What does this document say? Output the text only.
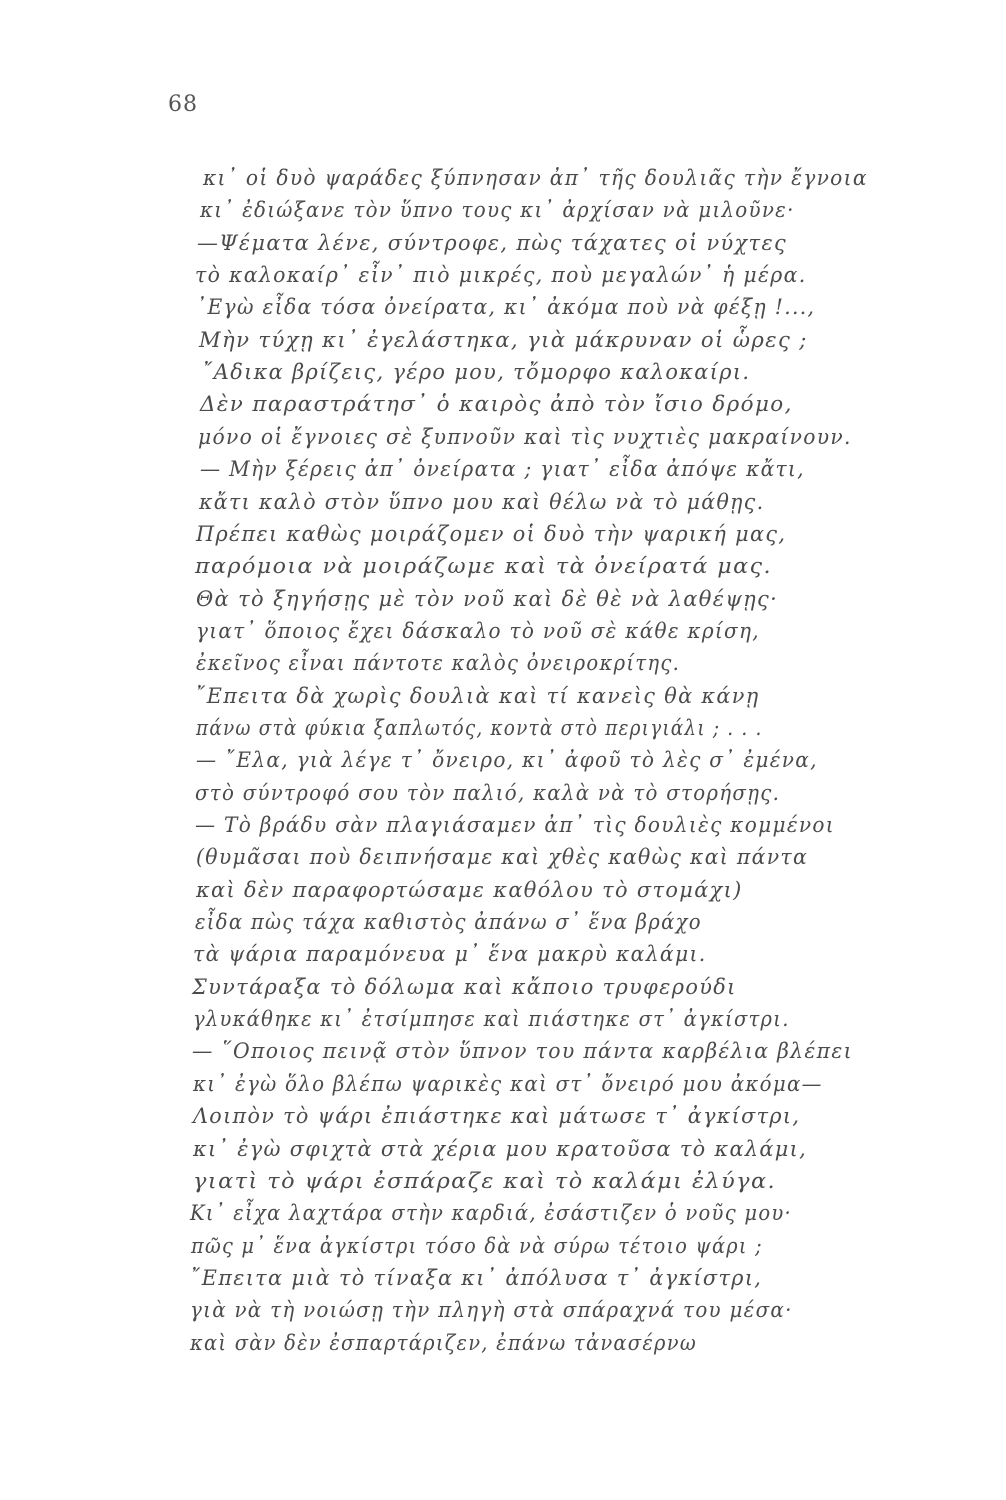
68
κι᾽ οἱ δυὸ ψαράδες ξύπνησαν ἀπ᾽ τῆς δουλιᾶς τὴν ἔγνοια
κι᾽ ἐδιώξανε τὸν ὕπνο τους κι᾽ ἀρχίσαν νὰ μιλοῦνε·
—Ψέματα λένε, σύντροφε, πὼς τάχατες οἱ νύχτες
τὸ καλοκαίρ᾽ εἶν᾽ πιὸ μικρές, ποὺ μεγαλών᾽ ἡ μέρα.
᾽Εγὼ εἶδα τόσα ὀνείρατα, κι᾽ ἀκόμα ποὺ νὰ φέξῃ !...,
Μὴν τύχῃ κι᾽ ἐγελάστηκα, γιὰ μάκρυναν οἱ ὧρες ;
῎Αδικα βρίζεις, γέρο μου, τὄμορφο καλοκαίρι.
Δὲν παραστράτησ᾽ ὁ καιρὸς ἀπὸ τὸν ἴσιο δρόμο,
μόνο οἱ ἔγνοιες σὲ ξυπνοῦν καὶ τὶς νυχτιὲς μακραίνουν.
— Μὴν ξέρεις ἀπ᾽ ὀνείρατα ; γιατ᾽ εἶδα ἀπόψε κἄτι,
κἄτι καλὸ στὸν ὕπνο μου καὶ θέλω νὰ τὸ μάθῃς.
Πρέπει καθὼς μοιράζομεν οἱ δυὸ τὴν ψαρική μας,
παρόμοια νὰ μοιράζωμε καὶ τὰ ὀνείρατά μας.
Θὰ τὸ ξηγήσῃς μὲ τὸν νοῦ καὶ δὲ θὲ νὰ λαθέψῃς·
γιατ᾽ ὅποιος ἔχει δάσκαλο τὸ νοῦ σὲ κάθε κρίση,
ἐκεῖνος εἶναι πάντοτε καλὸς ὀνειροκρίτης.
῎Επειτα δὰ χωρὶς δουλιὰ καὶ τί κανεὶς θὰ κάνῃ
πάνω στὰ φύκια ξαπλωτός, κοντὰ στὸ περιγιάλι ; . . .
— ῎Ελα, γιὰ λέγε τ᾽ ὄνειρο, κι᾽ ἀφοῦ τὸ λὲς σ᾽ ἐμένα,
στὸ σύντροφό σου τὸν παλιό, καλὰ νὰ τὸ στορήσῃς.
— Τὸ βράδυ σὰν πλαγιάσαμεν ἀπ᾽ τὶς δουλιὲς κομμένοι
(θυμᾶσαι ποὺ δειπνήσαμε καὶ χθὲς καθὼς καὶ πάντα
καὶ δὲν παραφορτώσαμε καθόλου τὸ στομάχι)
εἶδα πὼς τάχα καθιστὸς ἀπάνω σ᾽ ἕνα βράχο
τὰ ψάρια παραμόνευα μ᾽ ἕνα μακρὺ καλάμι.
Συντάραξα τὸ δόλωμα καὶ κἄποιο τρυφερούδι
γλυκάθηκε κι᾽ ἐτσίμπησε καὶ πιάστηκε στ᾽ ἀγκίστρι.
— ῞Οποιος πεινᾷ στὸν ὕπνον του πάντα καρβέλια βλέπει
κι᾽ ἐγὼ ὅλο βλέπω ψαρικὲς καὶ στ᾽ ὄνειρό μου ἀκόμα—
Λοιπὸν τὸ ψάρι ἐπιάστηκε καὶ μάτωσε τ᾽ ἀγκίστρι,
κι᾽ ἐγὼ σφιχτὰ στὰ χέρια μου κρατοῦσα τὸ καλάμι,
γιατὶ τὸ ψάρι ἐσπάραζε καὶ τὸ καλάμι ἐλύγα.
Κι᾽ εἶχα λαχτάρα στὴν καρδιά, ἐσάστιζεν ὁ νοῦς μου·
πῶς μ᾽ ἕνα ἀγκίστρι τόσο δὰ νὰ σύρω τέτοιο ψάρι ;
῎Επειτα μιὰ τὸ τίναξα κι᾽ ἀπόλυσα τ᾽ ἀγκίστρι,
γιὰ νὰ τὴ νοιώσῃ τὴν πληγὴ στὰ σπάραχνά του μέσα·
καὶ σὰν δὲν ἐσπαρτάριζεν, ἐπάνω τἀνασέρνω
